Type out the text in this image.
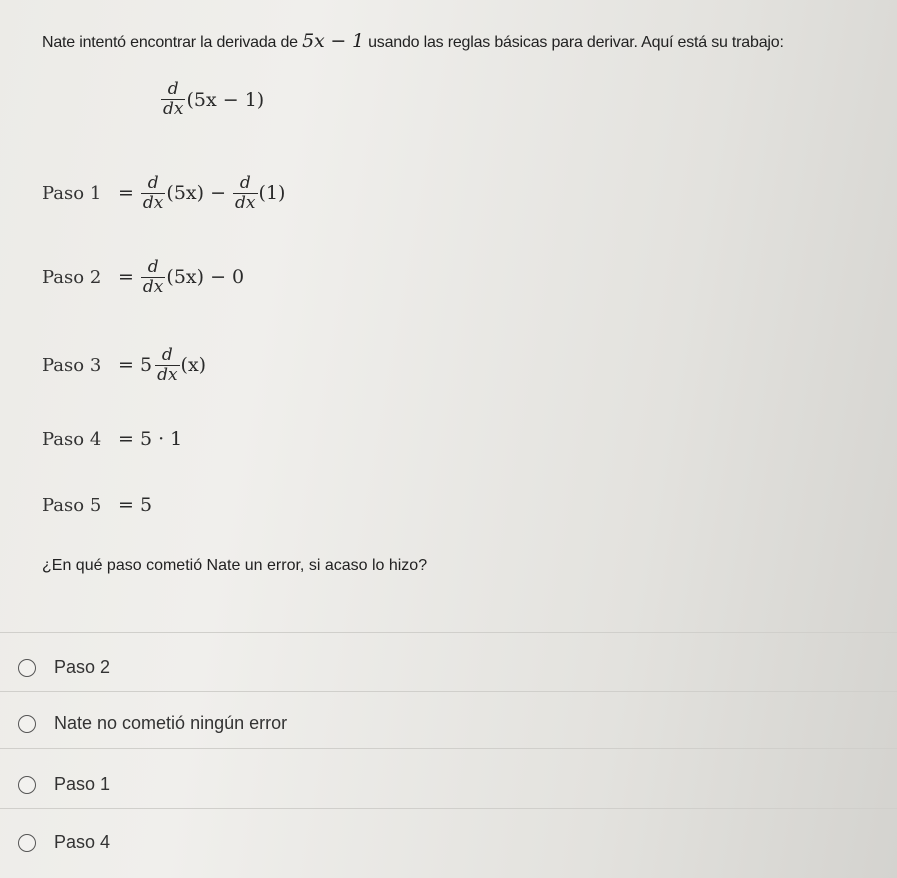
Nate intentó encontrar la derivada de 5x − 1 usando las reglas básicas para derivar. Aquí está su trabajo:
$\frac{d}{dx} (5x - 1)$
Paso $1 = \frac{d}{dx} (5x) - \frac{d}{dx} (1)$
Paso $2 = \frac{d}{dx} (5x) - 0$
Paso $3 = 5 \frac{d}{dx} (x)$
Paso 4 = 5 · 1
Paso 5 = 5
¿En qué paso cometió Nate un error, si acaso lo hizo?
Paso 2
Nate no cometió ningún error
Paso 1
Paso 4
